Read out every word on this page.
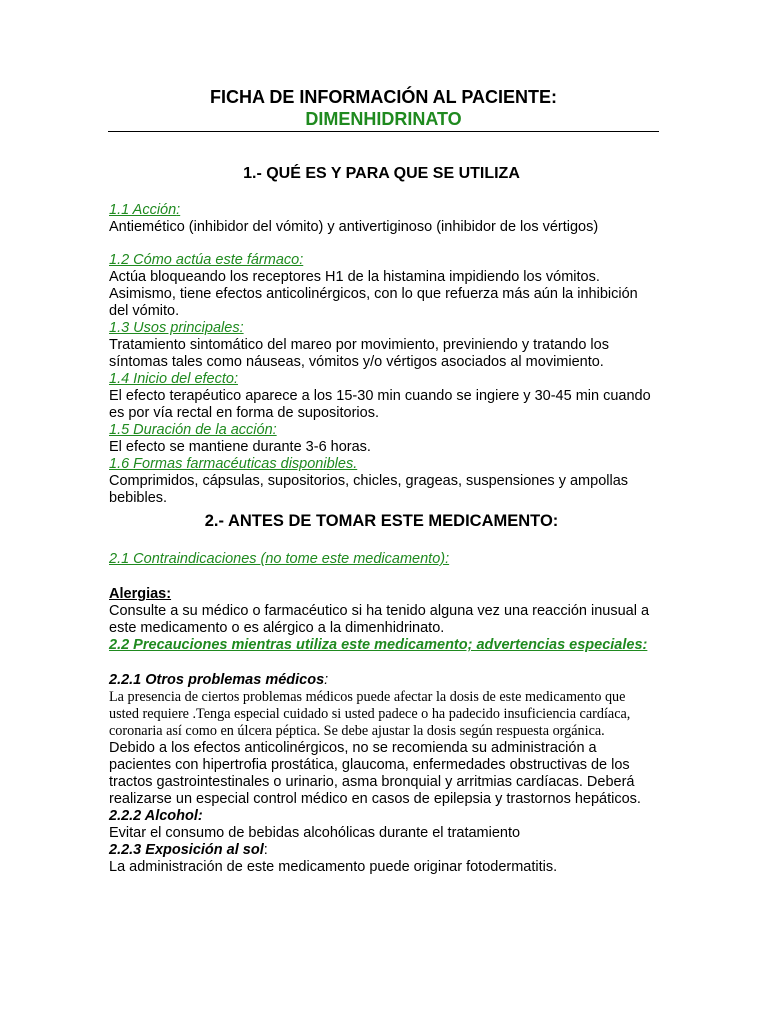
FICHA DE INFORMACIÓN AL PACIENTE:

DIMENHIDRINATO

1.- QUÉ ES Y PARA QUE SE UTILIZA

1.1 Acción:

Antiemético (inhibidor del vómito) y antivertiginoso (inhibidor de los vértigos)

1.2 Cómo actúa este fármaco:

Actúa bloqueando los receptores H1 de la histamina impidiendo los vómitos. Asimismo, tiene efectos anticolinérgicos, con lo que refuerza más aún la inhibición del vómito.

1.3 Usos principales:

Tratamiento sintomático del mareo por movimiento, previniendo y tratando los síntomas tales como náuseas, vómitos y/o vértigos asociados al movimiento.

1.4 Inicio del efecto:

El efecto terapéutico aparece a los 15-30 min cuando se ingiere y 30-45 min cuando es por vía rectal en forma de supositorios.

1.5 Duración de la acción:

El efecto se mantiene durante 3-6 horas.

1.6 Formas farmacéuticas disponibles.

Comprimidos, cápsulas, supositorios, chicles, grageas, suspensiones y ampollas bebibles.

2.- ANTES DE TOMAR ESTE MEDICAMENTO:

2.1 Contraindicaciones (no tome este medicamento):

Alergias:

Consulte a su médico o farmacéutico si ha tenido alguna vez una reacción inusual a este medicamento o es alérgico a la dimenhidrinato.

2.2 Precauciones mientras utiliza este medicamento; advertencias especiales:

2.2.1 Otros problemas médicos:

La presencia de ciertos problemas médicos puede afectar la dosis de este medicamento que usted requiere .Tenga especial cuidado si usted padece o ha padecido insuficiencia cardíaca, coronaria así como en úlcera péptica. Se debe ajustar la dosis según respuesta orgánica.

Debido a los efectos anticolinérgicos, no se recomienda su administración a pacientes con hipertrofia prostática, glaucoma, enfermedades obstructivas de los tractos gastrointestinales o urinario, asma bronquial y arritmias cardíacas. Deberá realizarse un especial control médico en casos de epilepsia y trastornos hepáticos.

2.2.2 Alcohol:

Evitar el consumo de bebidas alcohólicas durante el tratamiento

2.2.3 Exposición al sol:

La administración de este medicamento puede originar fotodermatitis.
